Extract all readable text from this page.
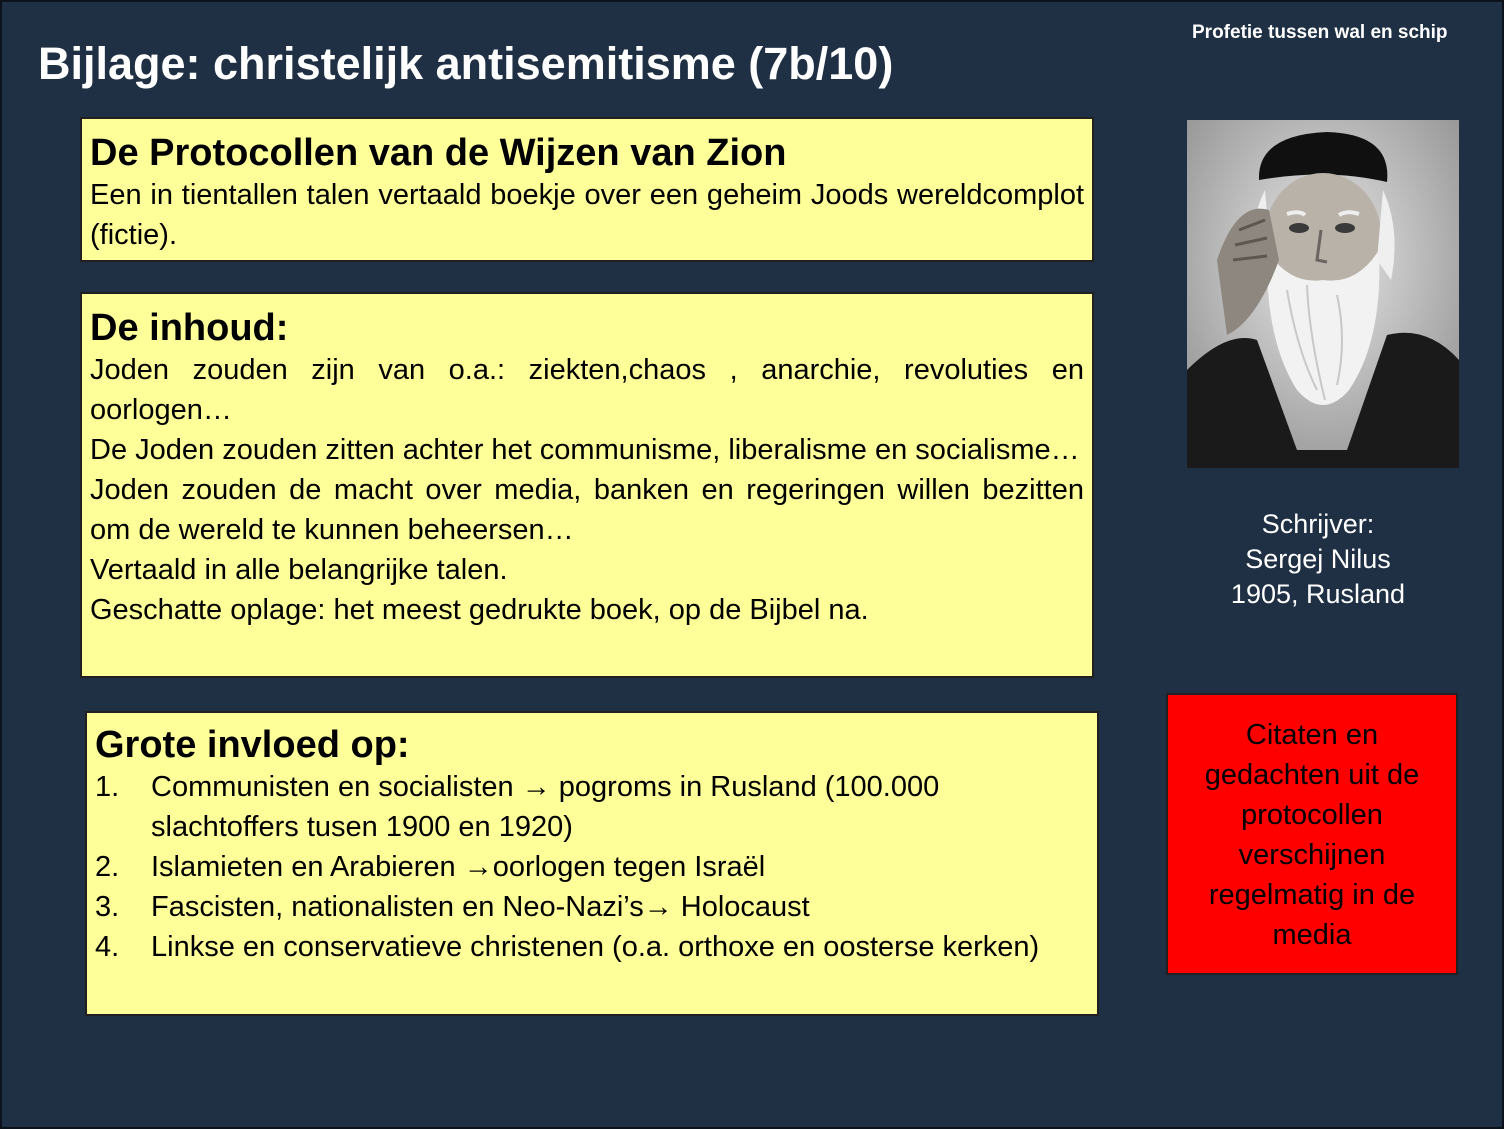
Profetie tussen wal en schip
Bijlage: christelijk antisemitisme (7b/10)
De Protocollen van de Wijzen van Zion
Een in tientallen talen vertaald boekje over een geheim Joods wereldcomplot (fictie).
De inhoud:
Joden zouden zijn van o.a.: ziekten,chaos , anarchie, revoluties en oorlogen…
De Joden zouden zitten achter het communisme, liberalisme en socialisme…
Joden zouden de macht over media, banken en regeringen willen bezitten om de wereld te kunnen beheersen…
Vertaald in alle belangrijke talen.
Geschatte oplage: het meest gedrukte boek, op de Bijbel na.
Grote invloed op:
1.	Communisten en socialisten → pogroms in Rusland (100.000 slachtoffers tusen 1900 en 1920)
2.	Islamieten en Arabieren →oorlogen tegen Israël
3.	Fascisten, nationalisten en Neo-Nazi’s→ Holocaust
4.	Linkse en conservatieve christenen (o.a. orthoxe en oosterse kerken)
Schrijver:
Sergej Nilus
1905, Rusland
Citaten en gedachten uit de protocollen verschijnen regelmatig in de media
